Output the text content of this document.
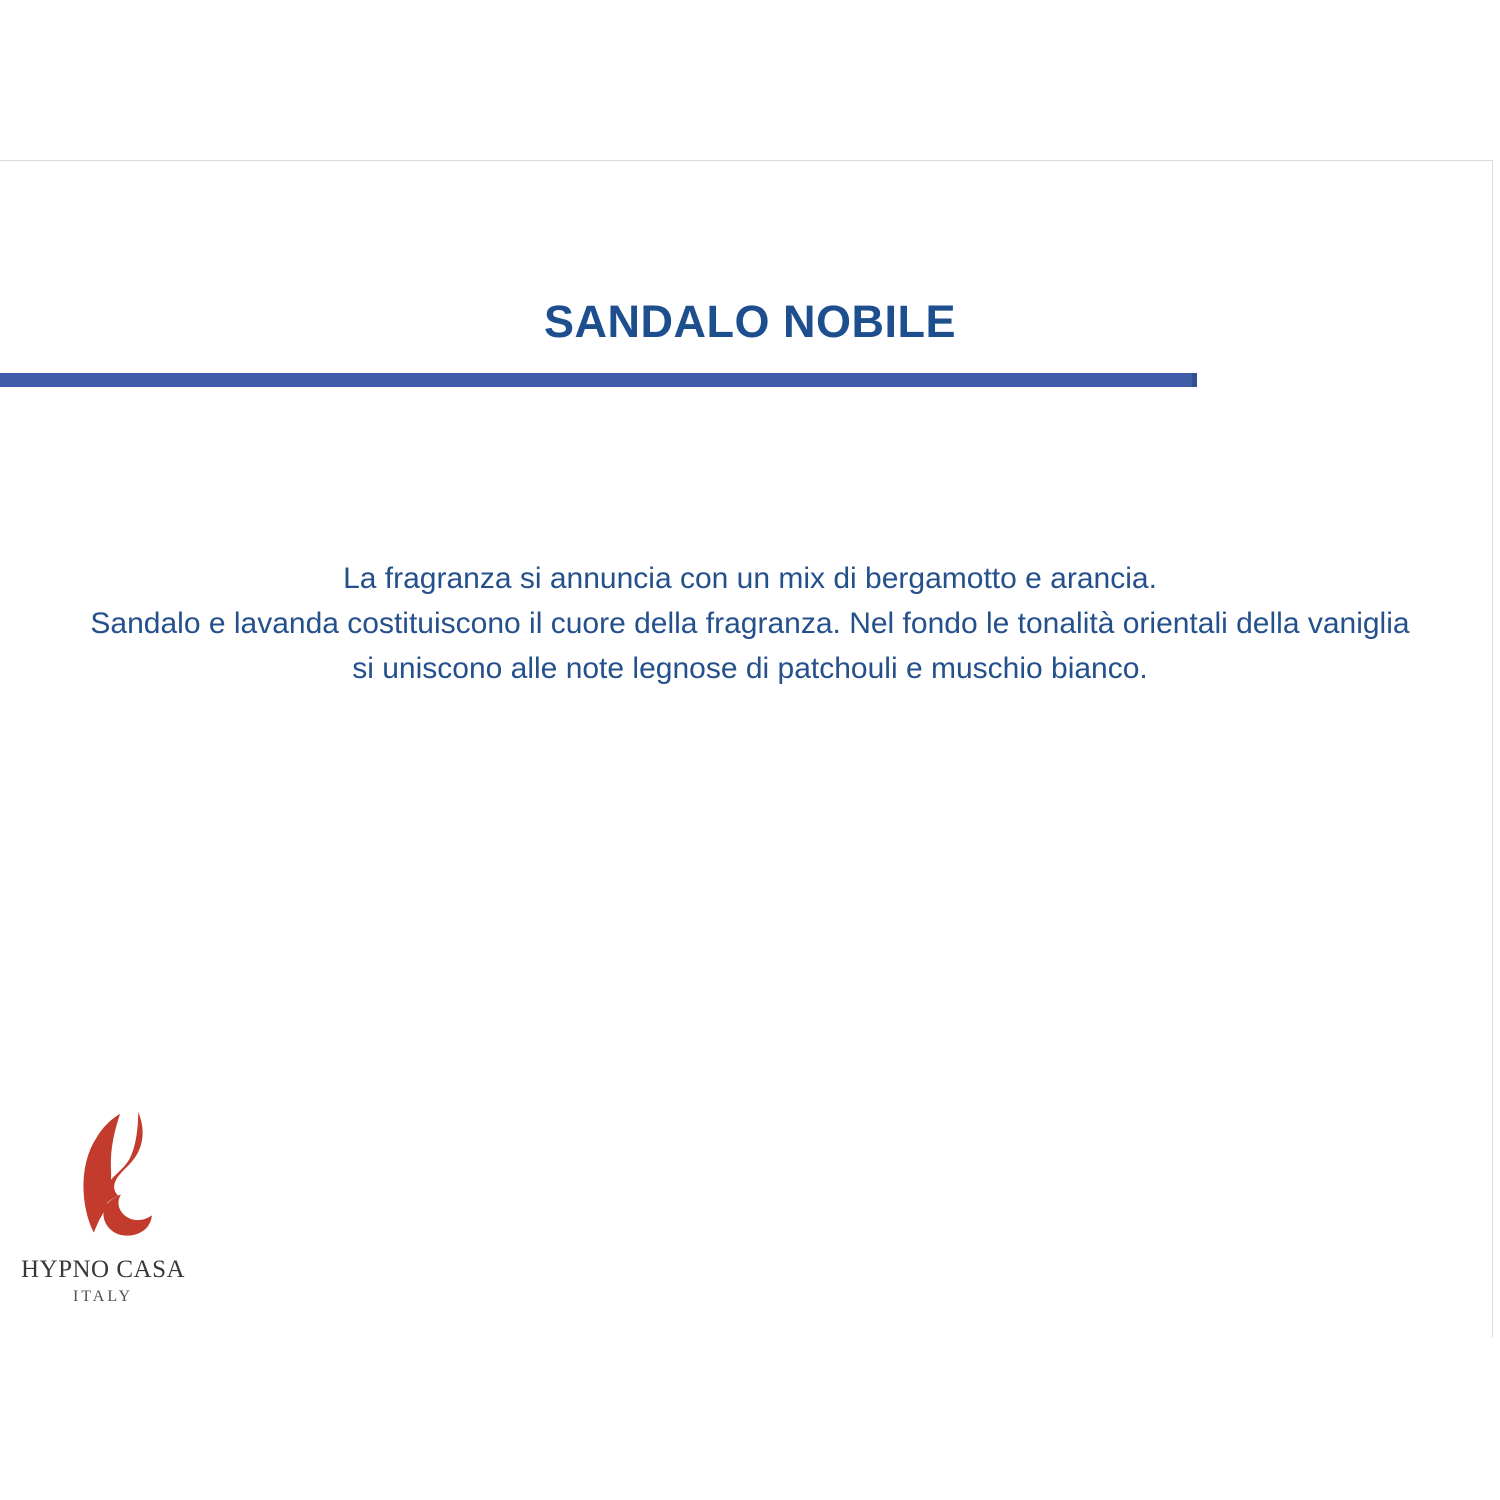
SANDALO NOBILE
La fragranza si annuncia con un mix di bergamotto e arancia.
Sandalo e lavanda costituiscono il cuore della fragranza. Nel fondo le tonalità orientali della vaniglia
si uniscono alle note legnose di patchouli e muschio bianco.
HYPNO CASA
ITALY
